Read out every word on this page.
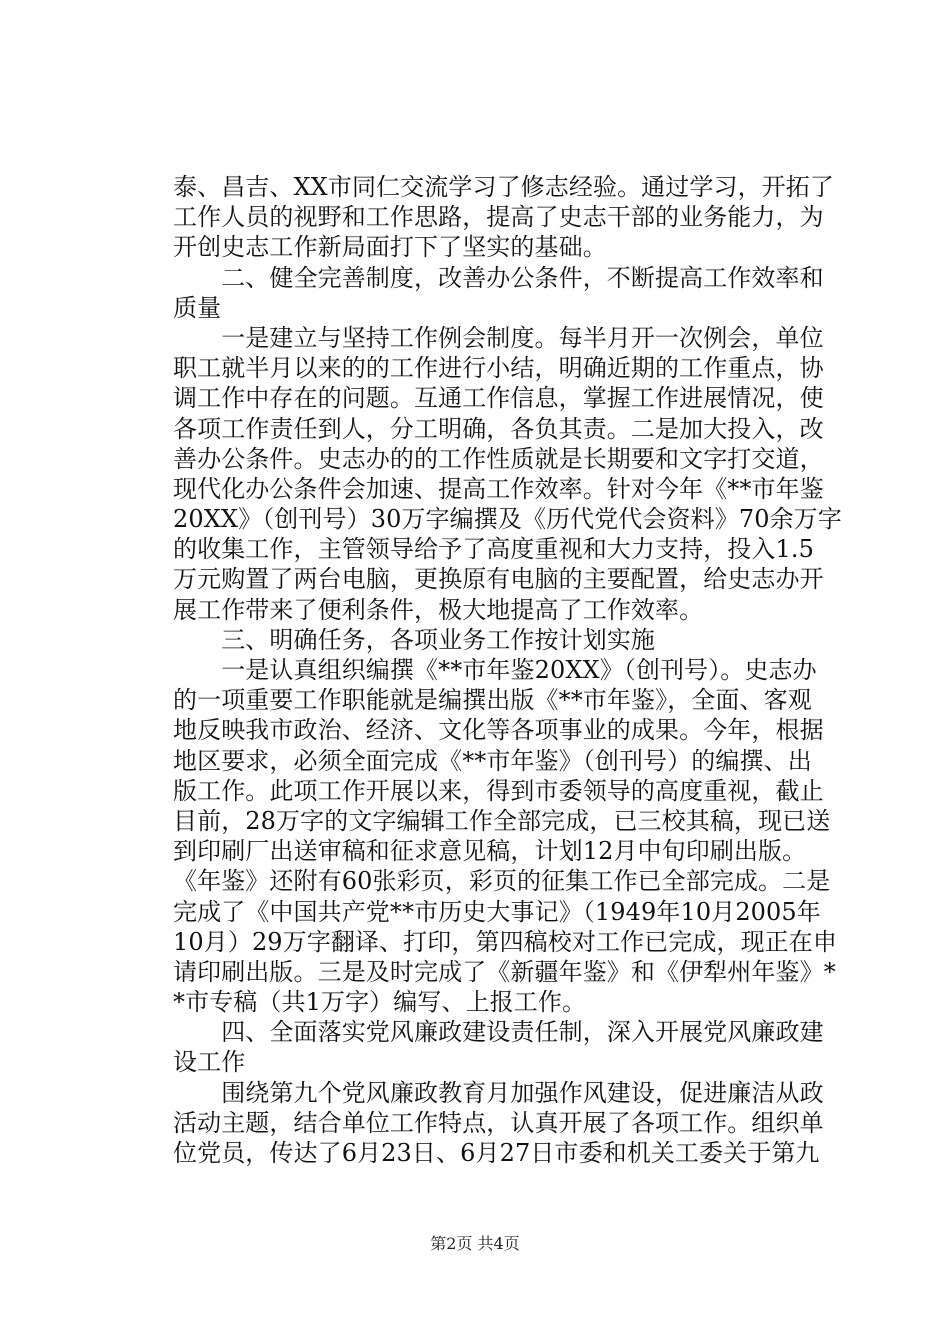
泰、昌吉、XX市同仁交流学习了修志经验。通过学习，开拓了
工作人员的视野和工作思路，提高了史志干部的业务能力，为
开创史志工作新局面打下了坚实的基础。
　　二、健全完善制度，改善办公条件，不断提高工作效率和
质量
　　一是建立与坚持工作例会制度。每半月开一次例会，单位
职工就半月以来的的工作进行小结，明确近期的工作重点，协
调工作中存在的问题。互通工作信息，掌握工作进展情况，使
各项工作责任到人，分工明确，各负其责。二是加大投入，改
善办公条件。史志办的的工作性质就是长期要和文字打交道，
现代化办公条件会加速、提高工作效率。针对今年《**市年鉴
20XX》（创刊号）30万字编撰及《历代党代会资料》70余万字
的收集工作，主管领导给予了高度重视和大力支持，投入1.5
万元购置了两台电脑，更换原有电脑的主要配置，给史志办开
展工作带来了便利条件，极大地提高了工作效率。
　　三、明确任务，各项业务工作按计划实施
　　一是认真组织编撰《**市年鉴20XX》（创刊号）。史志办
的一项重要工作职能就是编撰出版《**市年鉴》，全面、客观
地反映我市政治、经济、文化等各项事业的成果。今年，根据
地区要求，必须全面完成《**市年鉴》（创刊号）的编撰、出
版工作。此项工作开展以来，得到市委领导的高度重视，截止
目前，28万字的文字编辑工作全部完成，已三校其稿，现已送
到印刷厂出送审稿和征求意见稿，计划12月中旬印刷出版。
《年鉴》还附有60张彩页，彩页的征集工作已全部完成。二是
完成了《中国共产党**市历史大事记》（1949年10月2005年
10月）29万字翻译、打印，第四稿校对工作已完成，现正在申
请印刷出版。三是及时完成了《新疆年鉴》和《伊犁州年鉴》*
*市专稿（共1万字）编写、上报工作。
　　四、全面落实党风廉政建设责任制，深入开展党风廉政建
设工作
　　围绕第九个党风廉政教育月加强作风建设，促进廉洁从政
活动主题，结合单位工作特点，认真开展了各项工作。组织单
位党员，传达了6月23日、6月27日市委和机关工委关于第九
第2页 共4页
